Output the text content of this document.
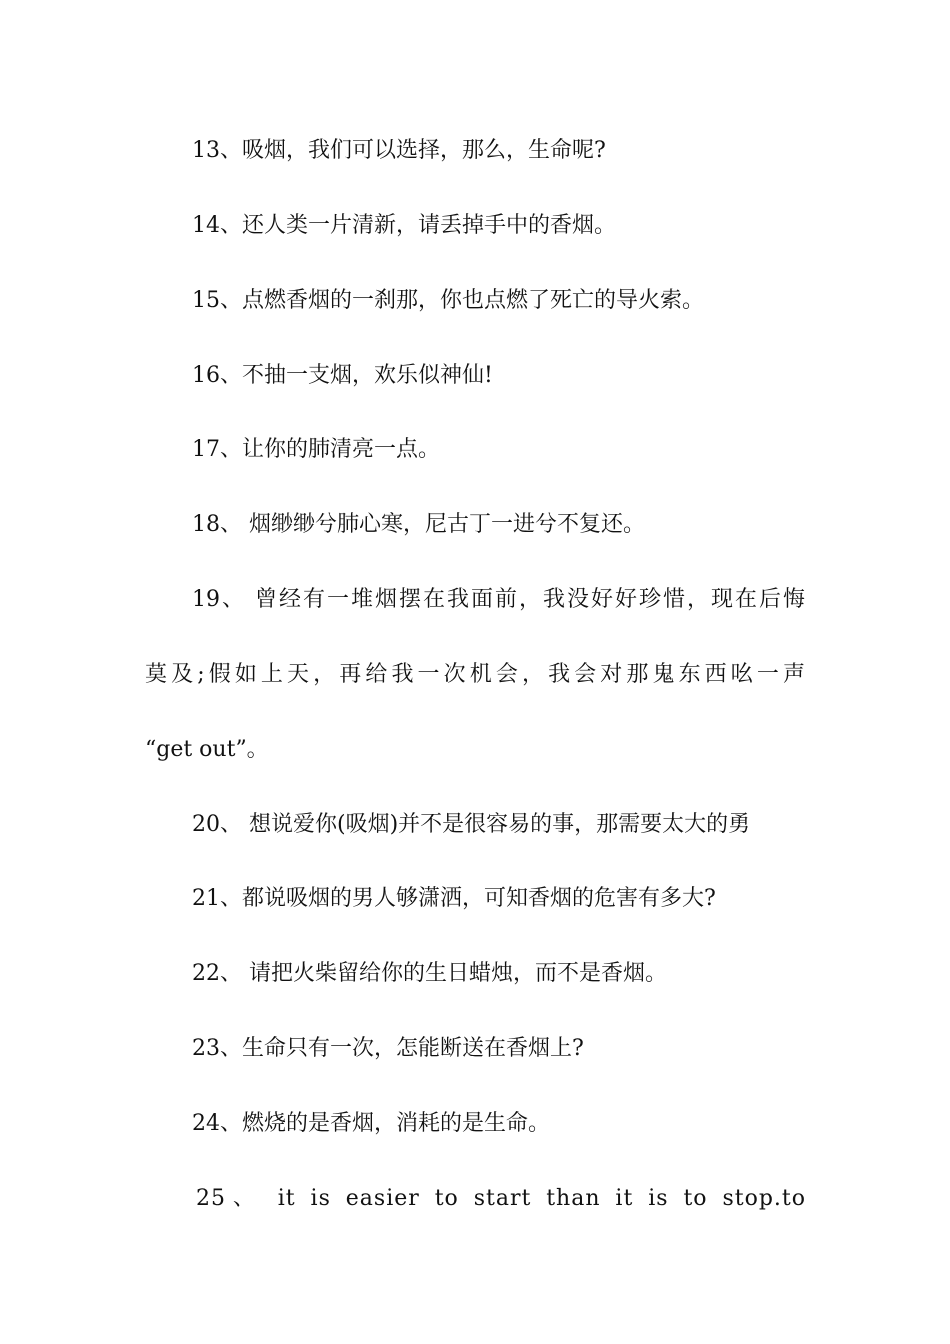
13、吸烟，我们可以选择，那么，生命呢?

14、还人类一片清新，请丢掉手中的香烟。

15、点燃香烟的一刹那，你也点燃了死亡的导火索。

16、不抽一支烟，欢乐似神仙!

17、让你的肺清亮一点。

18、 烟缈缈兮肺心寒，尼古丁一进兮不复还。

19、 曾经有一堆烟摆在我面前，我没好好珍惜，现在后悔

莫及;假如上天，再给我一次机会，我会对那鬼东西吆一声

“get out”。

20、 想说爱你(吸烟)并不是很容易的事，那需要太大的勇

21、都说吸烟的男人够潇洒，可知香烟的危害有多大?

22、 请把火柴留给你的生日蜡烛，而不是香烟。

23、生命只有一次，怎能断送在香烟上?

24、燃烧的是香烟，消耗的是生命。

25、 it is easier to start than it is to stop.to
